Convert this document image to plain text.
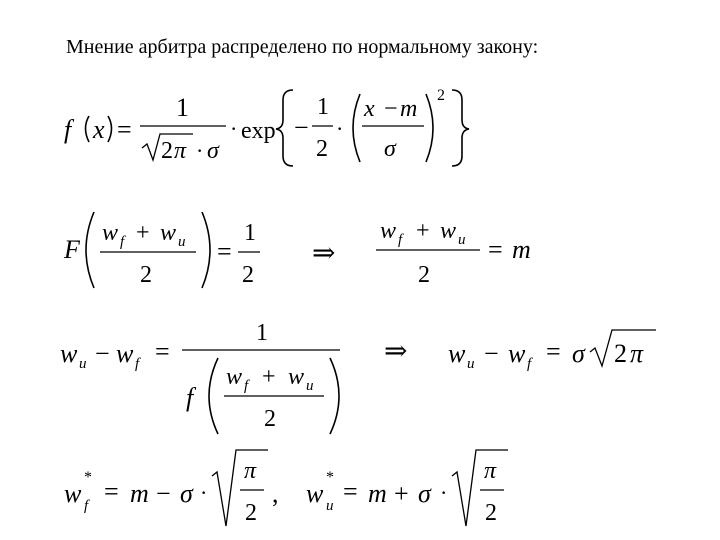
Мнение арбитра распределено по нормальному закону:
f x =
1
2 π · σ
· exp −
1
2
·
x − m
σ
2
F
w f + w u
2
=
1
2
⇒
w f + w u
2
= m
w u − w f =
1
f
w f + w u
2
⇒ w u − w f = σ 2 π
w
*
f = m − σ ·
π
2
, w
*
u = m + σ ·
π
2
